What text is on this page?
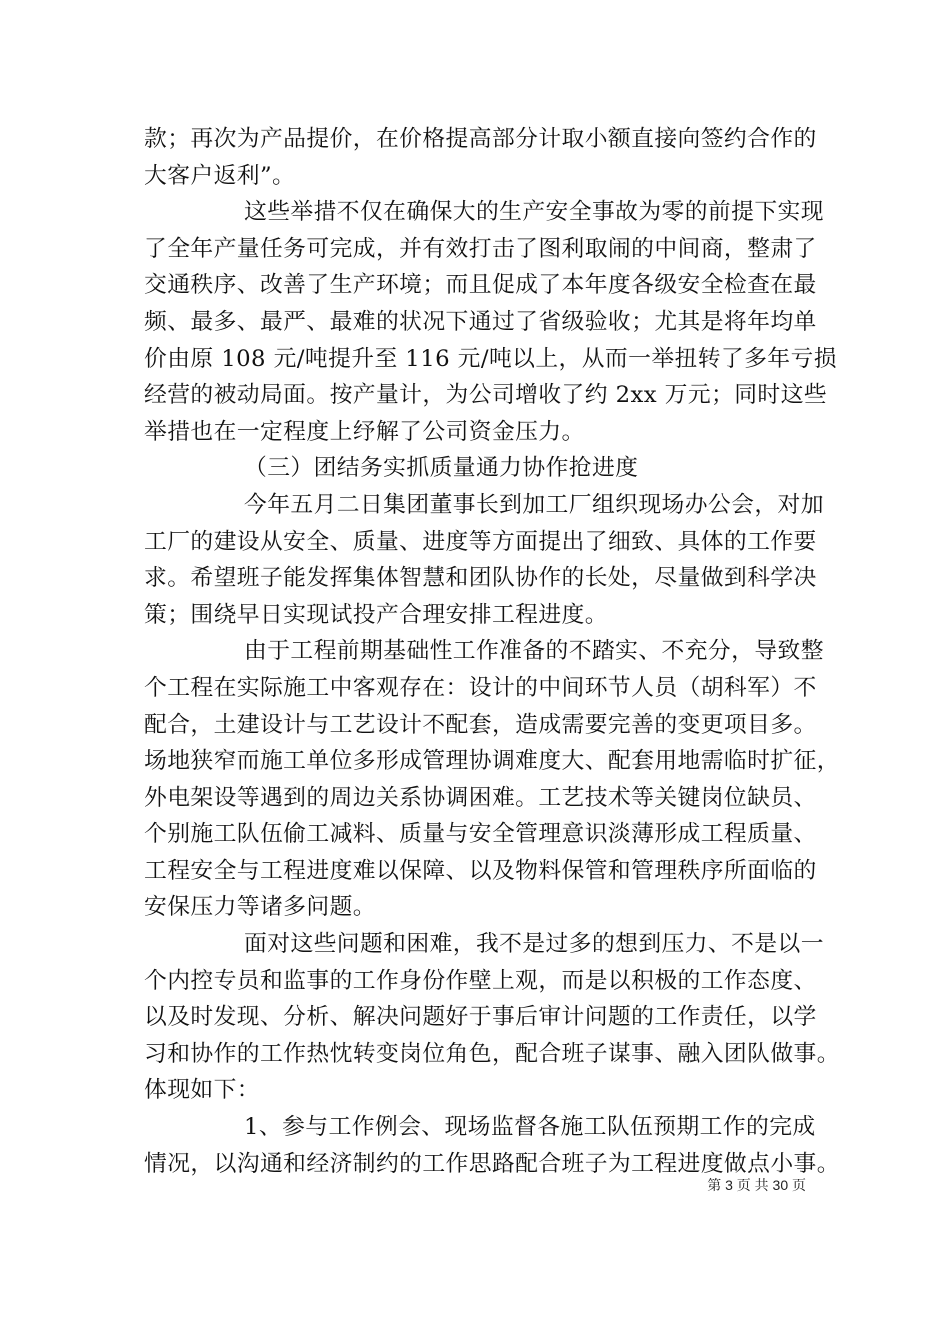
款；再次为产品提价，在价格提高部分计取小额直接向签约合作的
大客户返利”。
这些举措不仅在确保大的生产安全事故为零的前提下实现
了全年产量任务可完成，并有效打击了图利取闹的中间商，整肃了
交通秩序、改善了生产环境；而且促成了本年度各级安全检查在最
频、最多、最严、最难的状况下通过了省级验收；尤其是将年均单
价由原 108 元/吨提升至 116 元/吨以上，从而一举扭转了多年亏损
经营的被动局面。按产量计，为公司增收了约 2xx 万元；同时这些
举措也在一定程度上纾解了公司资金压力。
（三）团结务实抓质量通力协作抢进度
今年五月二日集团董事长到加工厂组织现场办公会，对加
工厂的建设从安全、质量、进度等方面提出了细致、具体的工作要
求。希望班子能发挥集体智慧和团队协作的长处，尽量做到科学决
策；围绕早日实现试投产合理安排工程进度。
由于工程前期基础性工作准备的不踏实、不充分，导致整
个工程在实际施工中客观存在：设计的中间环节人员（胡科军）不
配合，土建设计与工艺设计不配套，造成需要完善的变更项目多。
场地狭窄而施工单位多形成管理协调难度大、配套用地需临时扩征，
外电架设等遇到的周边关系协调困难。工艺技术等关键岗位缺员、
个别施工队伍偷工减料、质量与安全管理意识淡薄形成工程质量、
工程安全与工程进度难以保障、以及物料保管和管理秩序所面临的
安保压力等诸多问题。
面对这些问题和困难，我不是过多的想到压力、不是以一
个内控专员和监事的工作身份作壁上观，而是以积极的工作态度、
以及时发现、分析、解决问题好于事后审计问题的工作责任，以学
习和协作的工作热忱转变岗位角色，配合班子谋事、融入团队做事。
体现如下：
1、参与工作例会、现场监督各施工队伍预期工作的完成
情况，以沟通和经济制约的工作思路配合班子为工程进度做点小事。
第 3 页 共 30 页
